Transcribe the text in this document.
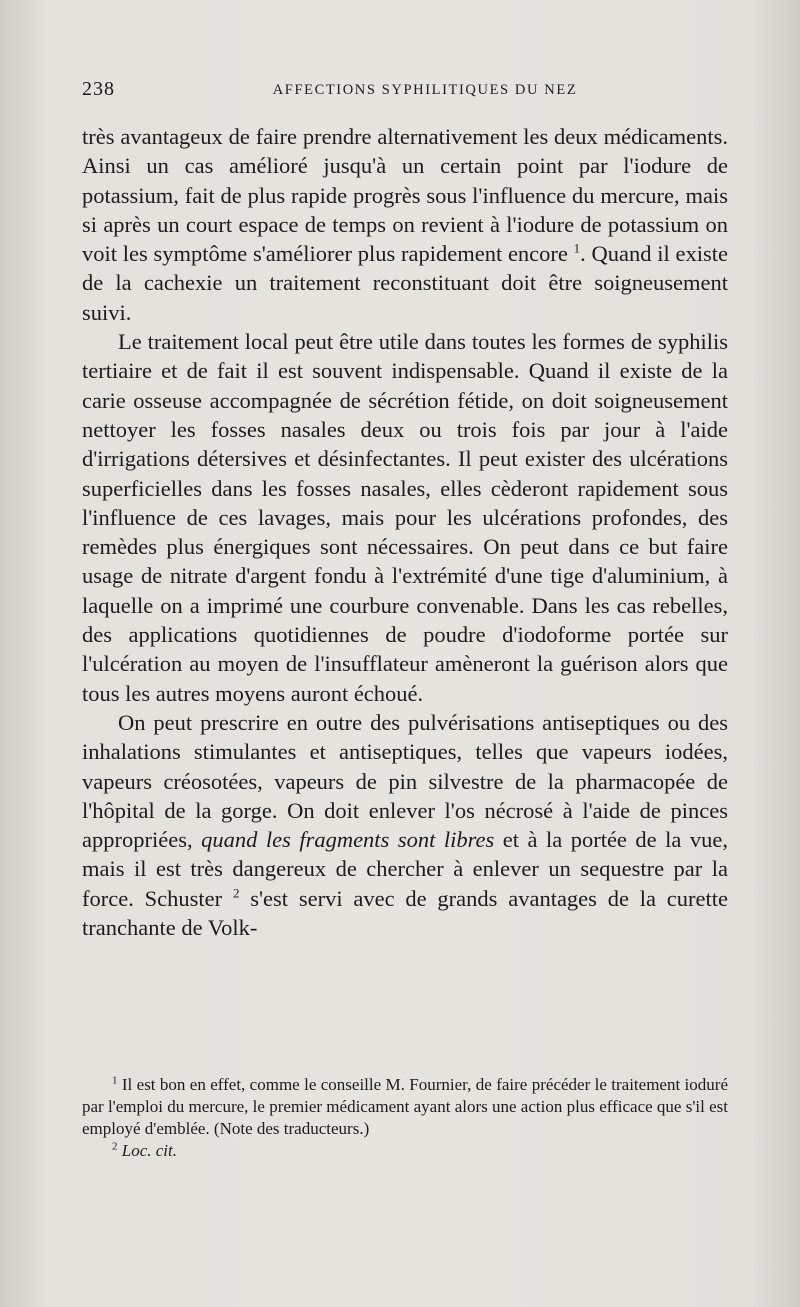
238	AFFECTIONS SYPHILITIQUES DU NEZ

très avantageux de faire prendre alternativement les deux médicaments. Ainsi un cas amélioré jusqu'à un certain point par l'iodure de potassium, fait de plus rapide progrès sous l'influence du mercure, mais si après un court espace de temps on revient à l'iodure de potassium on voit les symptôme s'améliorer plus rapidement encore $^1$. Quand il existe de la cachexie un traitement reconstituant doit être soigneusement suivi.

Le traitement local peut être utile dans toutes les formes de syphilis tertiaire et de fait il est souvent indispensable. Quand il existe de la carie osseuse accompagnée de sécrétion fétide, on doit soigneusement nettoyer les fosses nasales deux ou trois fois par jour à l'aide d'irrigations détersives et désinfectantes. Il peut exister des ulcérations superficielles dans les fosses nasales, elles cèderont rapidement sous l'influence de ces lavages, mais pour les ulcérations profondes, des remèdes plus énergiques sont nécessaires. On peut dans ce but faire usage de nitrate d'argent fondu à l'extrémité d'une tige d'aluminium, à laquelle on a imprimé une courbure convenable. Dans les cas rebelles, des applications quotidiennes de poudre d'iodoforme portée sur l'ulcération au moyen de l'insufflateur amèneront la guérison alors que tous les autres moyens auront échoué.

On peut prescrire en outre des pulvérisations antiseptiques ou des inhalations stimulantes et antiseptiques, telles que vapeurs iodées, vapeurs créosotées, vapeurs de pin silvestre de la pharmacopée de l'hôpital de la gorge. On doit enlever l'os nécrosé à l'aide de pinces appropriées, quand les fragments sont libres et à la portée de la vue, mais il est très dangereux de chercher à enlever un sequestre par la force. Schuster $^2$ s'est servi avec de grands avantages de la curette tranchante de Volk-

$^1$ Il est bon en effet, comme le conseille M. Fournier, de faire précéder le traitement ioduré par l'emploi du mercure, le premier médicament ayant alors une action plus efficace que s'il est employé d'emblée. (Note des traducteurs.)

$^2$ Loc. cit.
